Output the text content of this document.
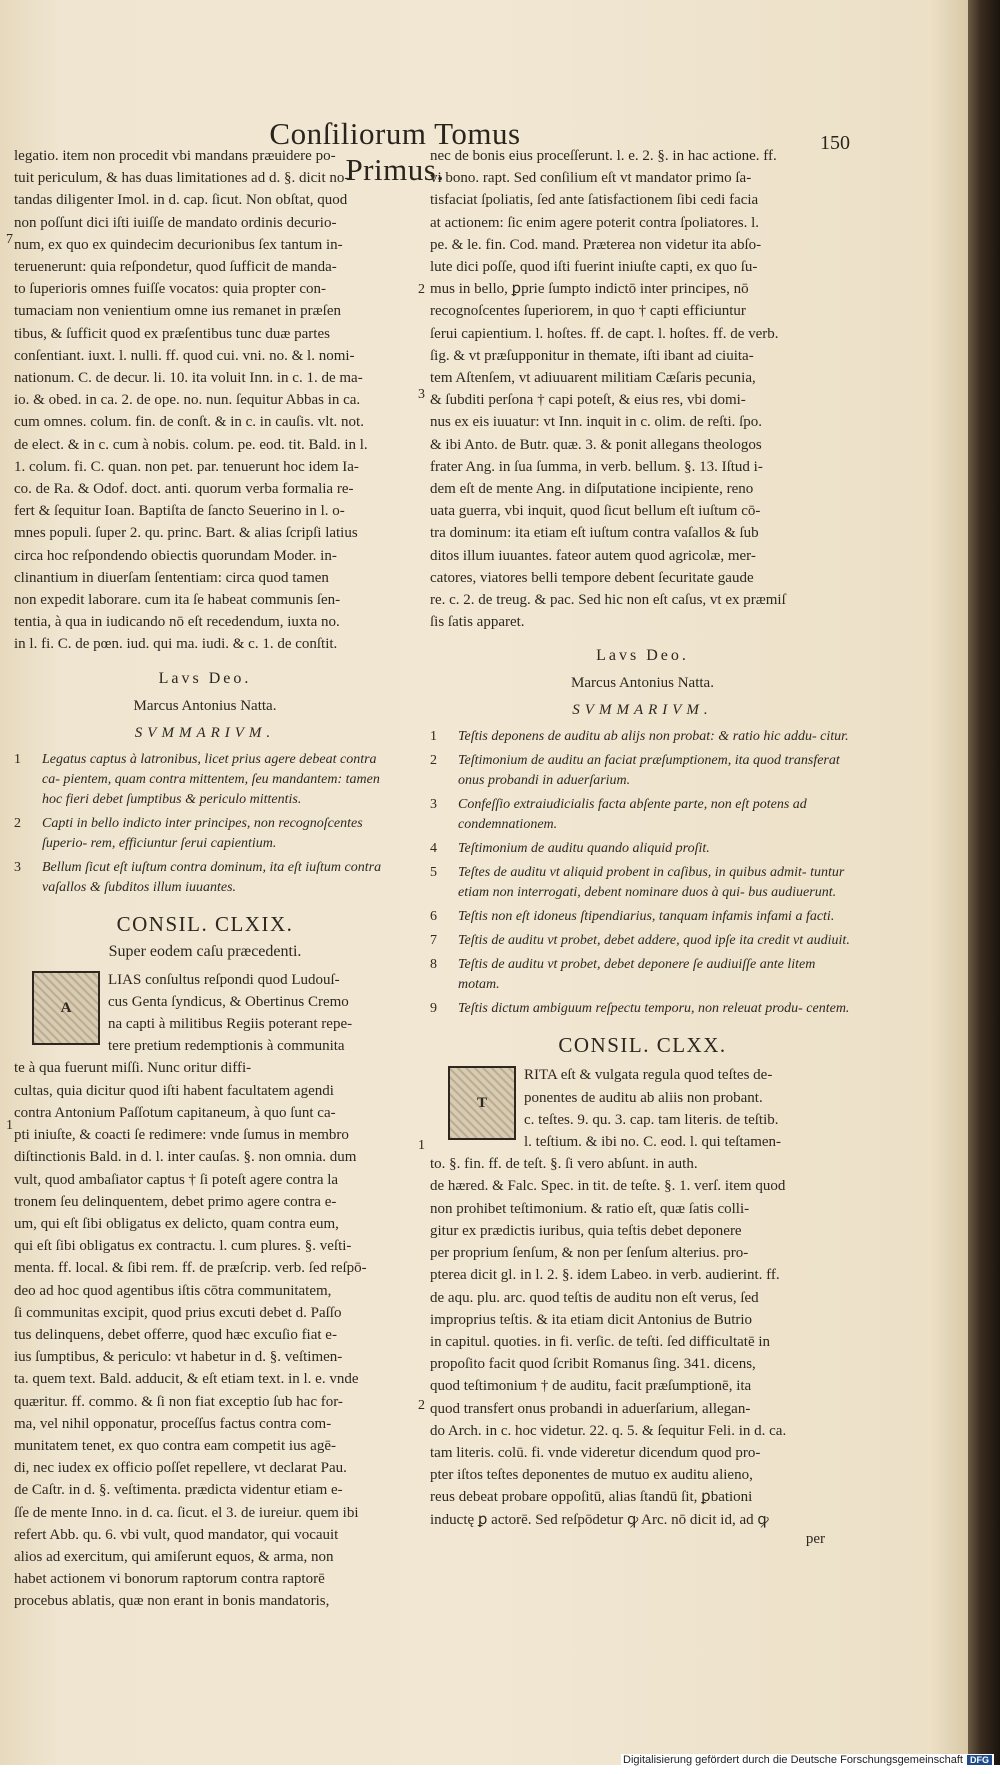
Conſiliorum Tomus Primus.
150
legatio. item non procedit vbi mandans præuidere po-
tuit periculum, & has duas limitationes ad d. §. dicit no-
tandas diligenter Imol. in d. cap. ſicut. Non obſtat, quod
non poſſunt dici iſti iuiſſe de mandato ordinis decurio-
num, ex quo ex quindecim decurionibus ſex tantum in-
teruenerunt: quia reſpondetur, quod ſufficit de manda-
to ſuperioris omnes fuiſſe vocatos: quia propter con-
tumaciam non venientium omne ius remanet in præſen
tibus, & ſufficit quod ex præſentibus tunc duæ partes
conſentiant. iuxt. l. nulli. ff. quod cui. vni. no. & l. nomi-
nationum. C. de decur. li. 10. ita voluit Inn. in c. 1. de ma-
io. & obed. in ca. 2. de ope. no. nun. ſequitur Abbas in ca.
cum omnes. colum. fin. de conſt. & in c. in cauſis. vlt. not.
de elect. & in c. cum à nobis. colum. pe. eod. tit. Bald. in l.
1. colum. fi. C. quan. non pet. par. tenuerunt hoc idem Ia-
co. de Ra. & Odof. doct. anti. quorum verba formalia re-
fert & ſequitur Ioan. Baptiſta de ſancto Seuerino in l. o-
mnes populi. ſuper 2. qu. princ. Bart. & alias ſcripſi latius
circa hoc reſpondendo obiectis quorundam Moder. in-
clinantium in diuerſam ſententiam: circa quod tamen
non expedit laborare. cum ita ſe habeat communis ſen-
tentia, à qua in iudicando nō eſt recedendum, iuxta no.
in l. fi. C. de pœn. iud. qui ma. iudi. & c. 1. de conſtit.
Lavs Deo.
Marcus Antonius Natta.
SVMMARIVM.
1	Legatus captus à latronibus, licet prius agere debeat contra ca- pientem, quam contra mittentem, ſeu mandantem: tamen hoc fieri debet ſumptibus & periculo mittentis.
2	Capti in bello indicto inter principes, non recognoſcentes ſuperio- rem, efficiuntur ſerui capientium.
3	Bellum ſicut eſt iuſtum contra dominum, ita eſt iuſtum contra vaſallos & ſubditos illum iuuantes.
CONSIL. CLXIX.
Super eodem caſu præcedenti.
A
LIAS conſultus reſpondi quod Ludouſ-
cus Genta ſyndicus, & Obertinus Cremo
na capti à militibus Regiis poterant repe-
tere pretium redemptionis à communita
te à qua fuerunt miſſi. Nunc oritur diffi-
cultas, quia dicitur quod iſti habent facultatem agendi
contra Antonium Paſſotum capitaneum, à quo ſunt ca-
pti iniuſte, & coacti ſe redimere: vnde ſumus in membro
diſtinctionis Bald. in d. l. inter cauſas. §. non omnia. dum
vult, quod ambaſiator captus † ſi poteſt agere contra la
tronem ſeu delinquentem, debet primo agere contra e-
um, qui eſt ſibi obligatus ex delicto, quam contra eum,
qui eſt ſibi obligatus ex contractu. l. cum plures. §. veſti-
menta. ff. local. & ſibi rem. ff. de præſcrip. verb. ſed reſpō-
deo ad hoc quod agentibus iſtis cōtra communitatem,
ſi communitas excipit, quod prius excuti debet d. Paſſo
tus delinquens, debet offerre, quod hæc excuſio fiat e-
ius ſumptibus, & periculo: vt habetur in d. §. veſtimen-
ta. quem text. Bald. adducit, & eſt etiam text. in l. e. vnde
quæritur. ff. commo. & ſi non fiat exceptio ſub hac for-
ma, vel nihil opponatur, proceſſus factus contra com-
munitatem tenet, ex quo contra eam competit ius agē-
di, nec iudex ex officio poſſet repellere, vt declarat Pau.
de Caſtr. in d. §. veſtimenta. prædicta videntur etiam e-
ſſe de mente Inno. in d. ca. ſicut. el 3. de iureiur. quem ibi
refert Abb. qu. 6. vbi vult, quod mandator, qui vocauit
alios ad exercitum, qui amiſerunt equos, & arma, non
habet actionem vi bonorum raptorum contra raptorē
procebus ablatis, quæ non erant in bonis mandatoris,
nec de bonis eius proceſſerunt. l. e. 2. §. in hac actione. ff.
vi bono. rapt. Sed conſilium eſt vt mandator primo ſa-
tisfaciat ſpoliatis, ſed ante ſatisfactionem ſibi cedi facia
at actionem: ſic enim agere poterit contra ſpoliatores. l.
pe. & le. fin. Cod. mand. Præterea non videtur ita abſo-
lute dici poſſe, quod iſti fuerint iniuſte capti, ex quo ſu-
mus in bello, ꝑprie ſumpto indictō inter principes, nō
recognoſcentes ſuperiorem, in quo † capti efficiuntur
ſerui capientium. l. hoſtes. ff. de capt. l. hoſtes. ff. de verb.
ſig. & vt præſupponitur in themate, iſti ibant ad ciuita-
tem Aſtenſem, vt adiuuarent militiam Cæſaris pecunia,
& ſubditi perſona † capi poteſt, & eius res, vbi domi-
nus ex eis iuuatur: vt Inn. inquit in c. olim. de reſti. ſpo.
& ibi Anto. de Butr. quæ. 3. & ponit allegans theologos
frater Ang. in ſua ſumma, in verb. bellum. §. 13. Iſtud i-
dem eſt de mente Ang. in diſputatione incipiente, reno
uata guerra, vbi inquit, quod ſicut bellum eſt iuſtum cō-
tra dominum: ita etiam eſt iuſtum contra vaſallos & ſub
ditos illum iuuantes. fateor autem quod agricolæ, mer-
catores, viatores belli tempore debent ſecuritate gaude
re. c. 2. de treug. & pac. Sed hic non eſt caſus, vt ex præmiſ
ſis ſatis apparet.
Lavs Deo.
Marcus Antonius Natta.
SVMMARIVM.
1	Teſtis deponens de auditu ab alijs non probat: & ratio hic addu- citur.
2	Teſtimonium de auditu an faciat præſumptionem, ita quod transferat onus probandi in aduerſarium.
3	Confeſſio extraiudicialis facta abſente parte, non eſt potens ad condemnationem.
4	Teſtimonium de auditu quando aliquid proſit.
5	Teſtes de auditu vt aliquid probent in caſibus, in quibus admit- tuntur etiam non interrogati, debent nominare duos à qui- bus audiuerunt.
6	Teſtis non eſt idoneus ſtipendiarius, tanquam infamis infami a facti.
7	Teſtis de auditu vt probet, debet addere, quod ipſe ita credit vt audiuit.
8	Teſtis de auditu vt probet, debet deponere ſe audiuiſſe ante litem motam.
9	Teſtis dictum ambiguum reſpectu temporu, non releuat produ- centem.
CONSIL. CLXX.
T
RITA eſt & vulgata regula quod teſtes de-
ponentes de auditu ab aliis non probant.
c. teſtes. 9. qu. 3. cap. tam literis. de teſtib.
l. teſtium. & ibi no. C. eod. l. qui teſtamen-
to. §. fin. ff. de teſt. §. ſi vero abſunt. in auth.
de hæred. & Falc. Spec. in tit. de teſte. §. 1. verſ. item quod
non prohibet teſtimonium. & ratio eſt, quæ ſatis colli-
gitur ex prædictis iuribus, quia teſtis debet deponere
per proprium ſenſum, & non per ſenſum alterius. pro-
pterea dicit gl. in l. 2. §. idem Labeo. in verb. audierint. ff.
de aqu. plu. arc. quod teſtis de auditu non eſt verus, ſed
improprius teſtis. & ita etiam dicit Antonius de Butrio
in capitul. quoties. in fi. verſic. de teſti. ſed difficultatē in
propoſito facit quod ſcribit Romanus ſing. 341. dicens,
quod teſtimonium † de auditu, facit præſumptionē, ita
quod transfert onus probandi in aduerſarium, allegan-
do Arch. in c. hoc videtur. 22. q. 5. & ſequitur Feli. in d. ca.
tam literis. colū. fi. vnde videretur dicendum quod pro-
pter iſtos teſtes deponentes de mutuo ex auditu alieno,
reus debeat probare oppoſitū, alias ſtandū ſit, ꝑbationi
inductę ꝑ actorē. Sed reſpōdetur ꝙ Arc. nō dicit id, ad ꝙ
per
7
2
3
1
1
2
Digitalisierung gefördert durch die Deutsche Forschungsgemeinschaft DFG
